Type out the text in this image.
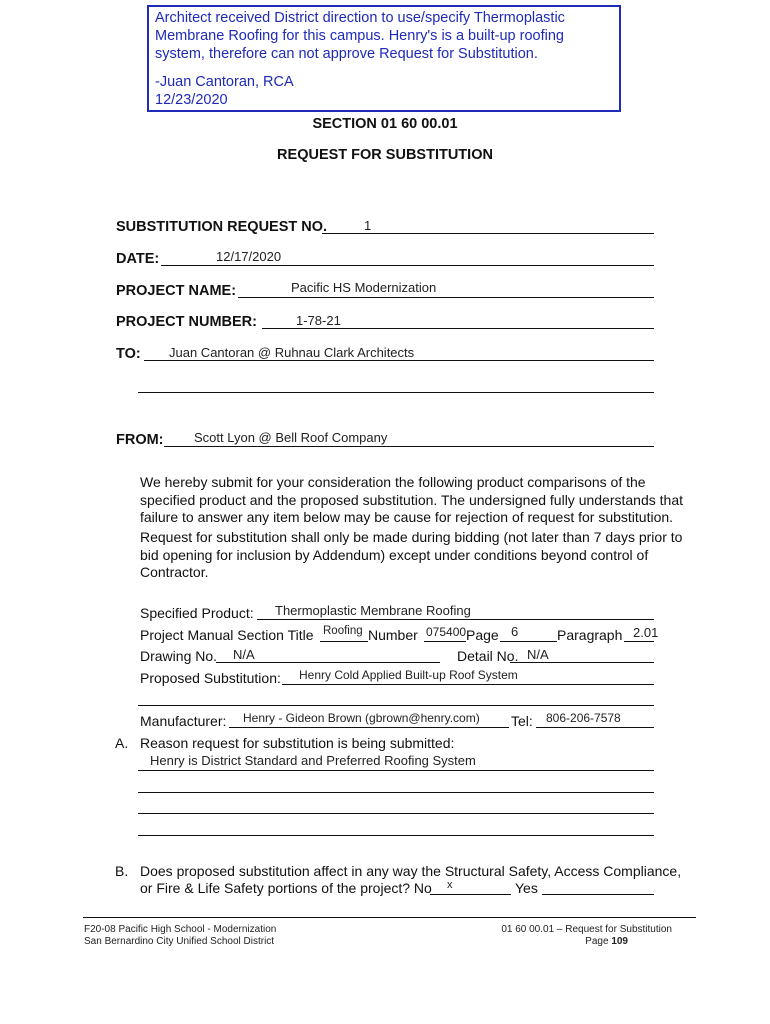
Architect received District direction to use/specify Thermoplastic Membrane Roofing for this campus. Henry's is a built-up roofing system, therefore can not approve Request for Substitution.

-Juan Cantoran, RCA

12/23/2020

SECTION 01 60 00.01
REQUEST FOR SUBSTITUTION
SUBSTITUTION REQUEST NO.	1
DATE:	12/17/2020
PROJECT NAME:	Pacific HS Modernization
PROJECT NUMBER:	1-78-21
TO: Juan Cantoran @ Ruhnau Clark Architects
FROM: Scott Lyon @ Bell Roof Company
We hereby submit for your consideration the following product comparisons of the specified product and the proposed substitution. The undersigned fully understands that failure to answer any item below may be cause for rejection of request for substitution.
Request for substitution shall only be made during bidding (not later than 7 days prior to bid opening for inclusion by Addendum) except under conditions beyond control of Contractor.
Specified Product: Thermoplastic Membrane Roofing
Project Manual Section Title Roofing Number 075400 Page 6	Paragraph 2.01
Drawing No. N/A	Detail No. N/A
Proposed Substitution: Henry Cold Applied Built-up Roof System
Manufacturer: Henry - Gideon Brown (gbrown@henry.com) Tel: 806-206-7578
A. Reason request for substitution is being submitted:
Henry is District Standard and Preferred Roofing System
B. Does proposed substitution affect in any way the Structural Safety, Access Compliance,
or Fire & Life Safety portions of the project? No x	Yes
F20-08 Pacific High School - Modernization
San Bernardino City Unified School District
01 60 00.01 – Request for Substitution
Page 109
